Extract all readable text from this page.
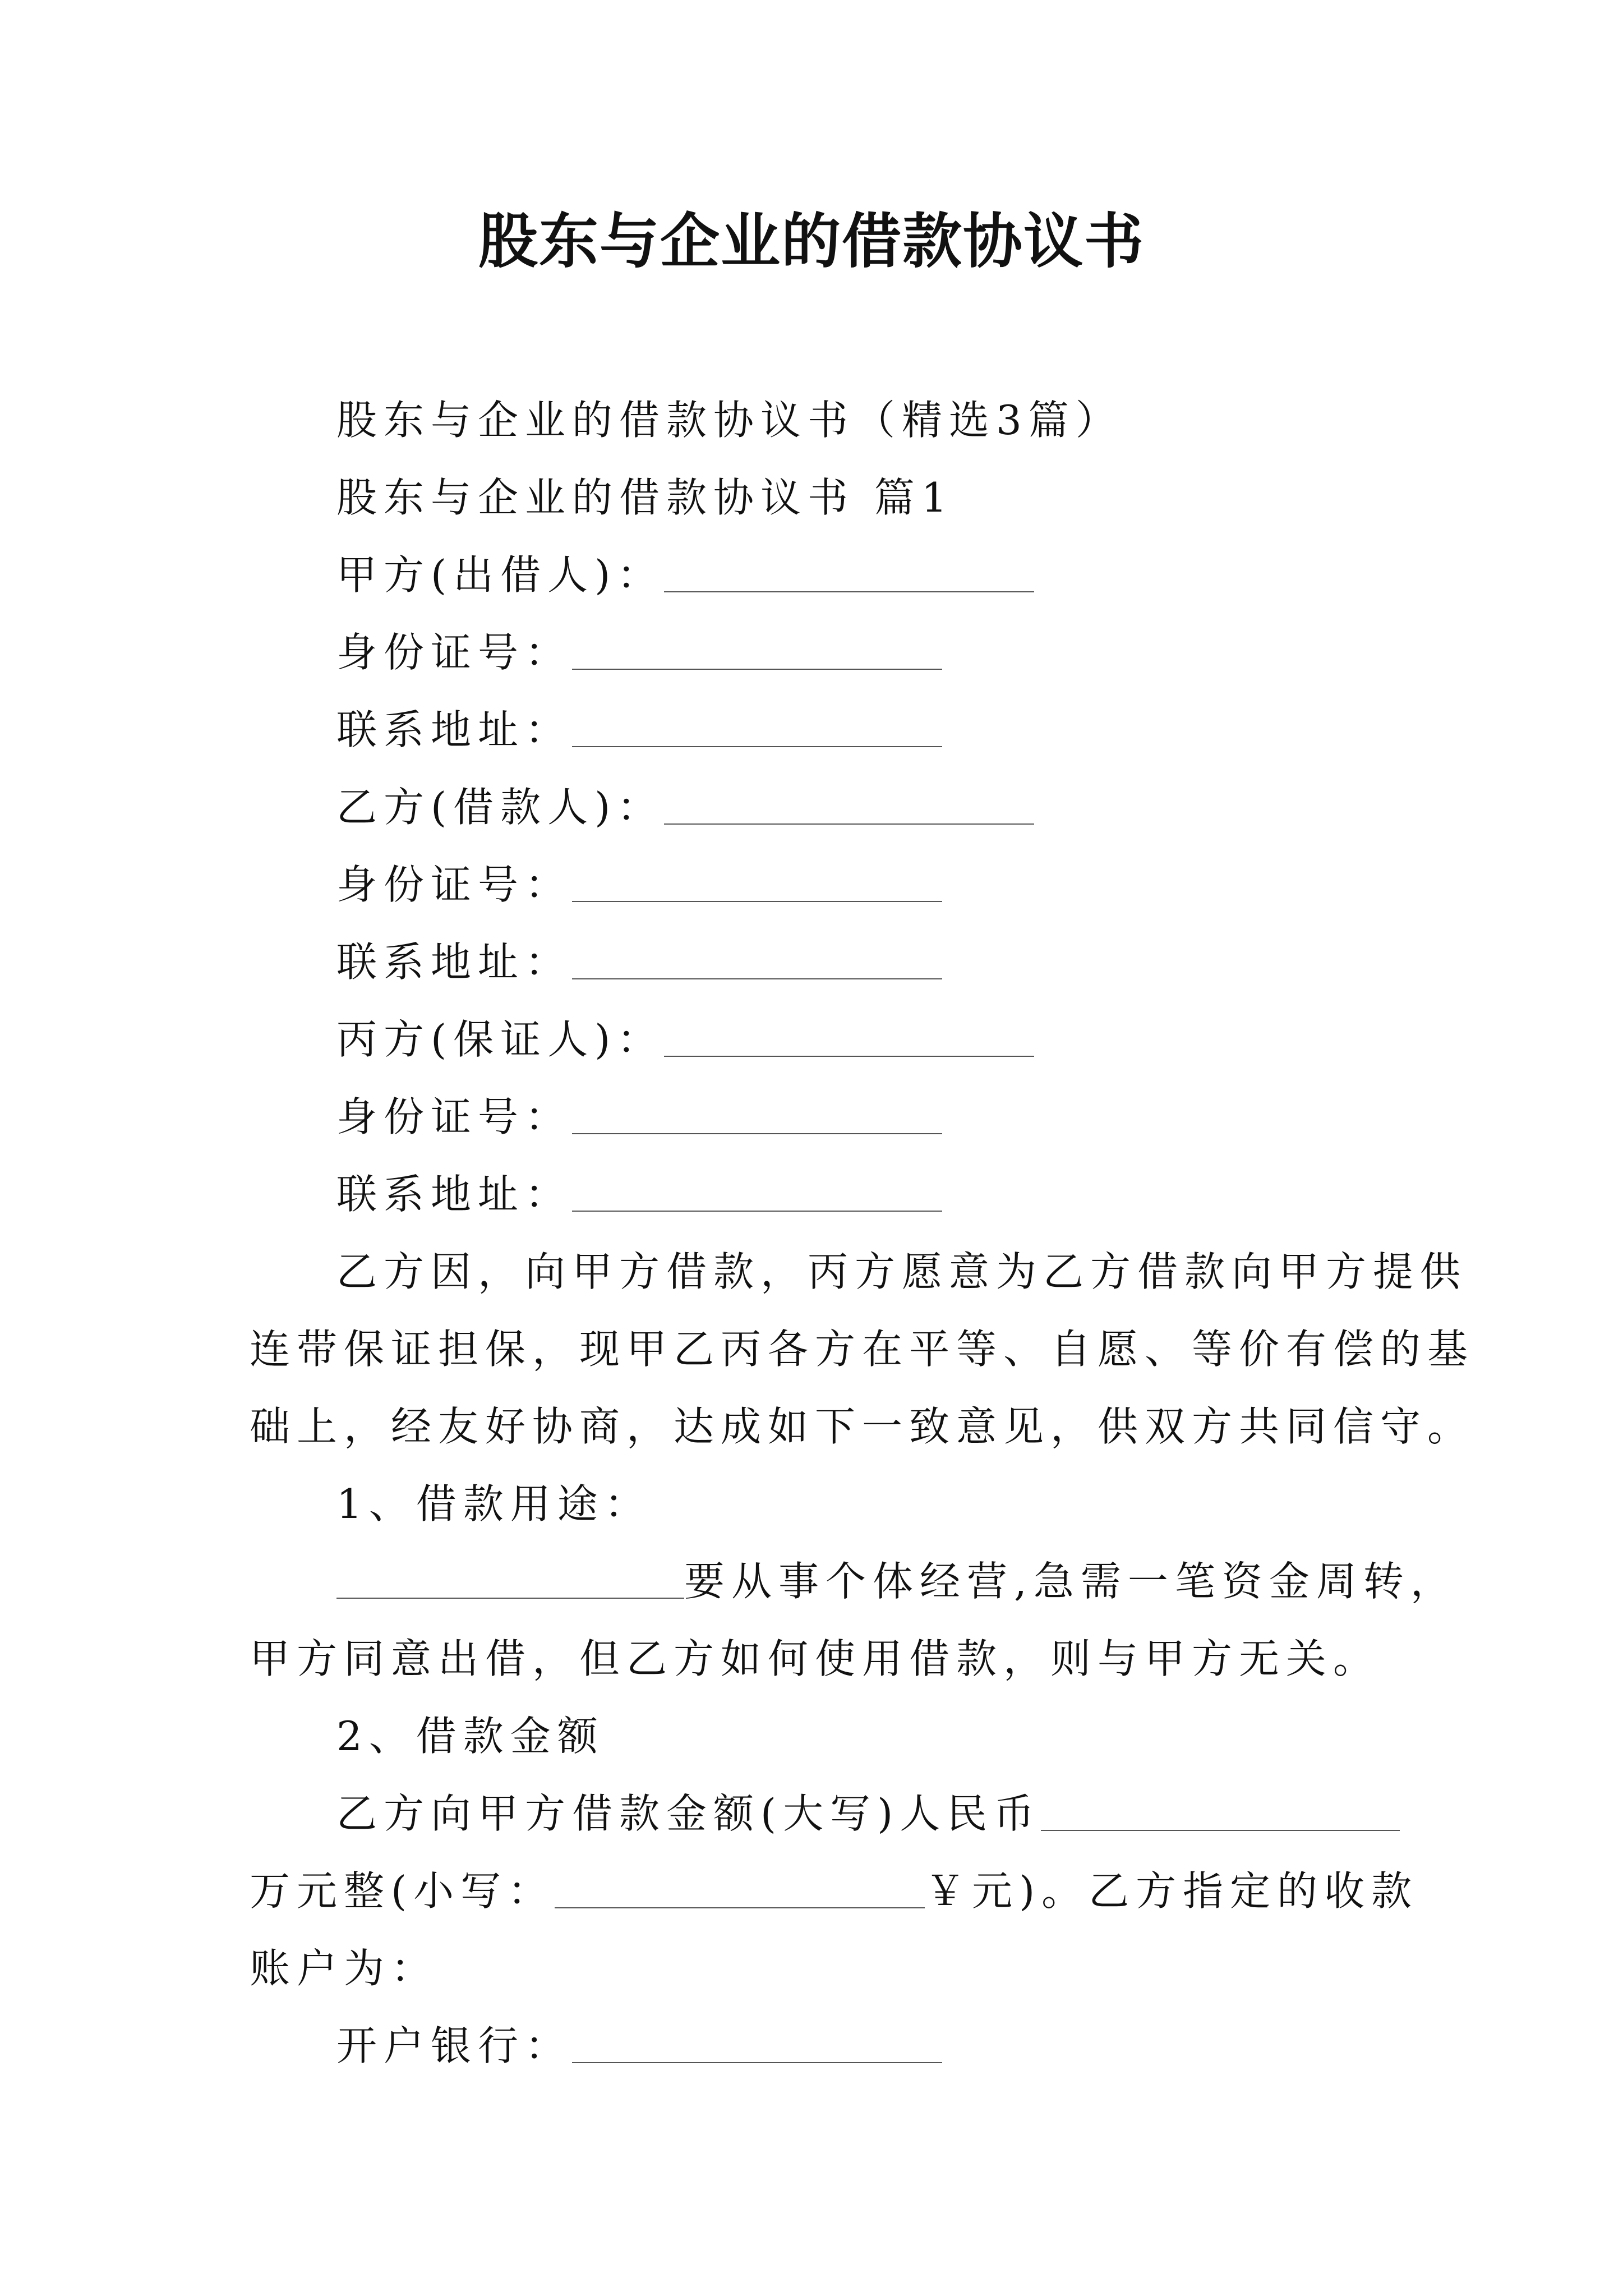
股东与企业的借款协议书
股东与企业的借款协议书（精选3篇）
股东与企业的借款协议书 篇1
甲方(出借人)：
身份证号：
联系地址：
乙方(借款人)：
身份证号：
联系地址：
丙方(保证人)：
身份证号：
联系地址：
乙方因，向甲方借款，丙方愿意为乙方借款向甲方提供
连带保证担保，现甲乙丙各方在平等、自愿、等价有偿的基
础上，经友好协商，达成如下一致意见，供双方共同信守。
1、借款用途：
要从事个体经营,急需一笔资金周转，
甲方同意出借，但乙方如何使用借款，则与甲方无关。
2、借款金额
乙方向甲方借款金额(大写)人民币
万元整(小写：	￥元)。乙方指定的收款
账户为：
开户银行：
